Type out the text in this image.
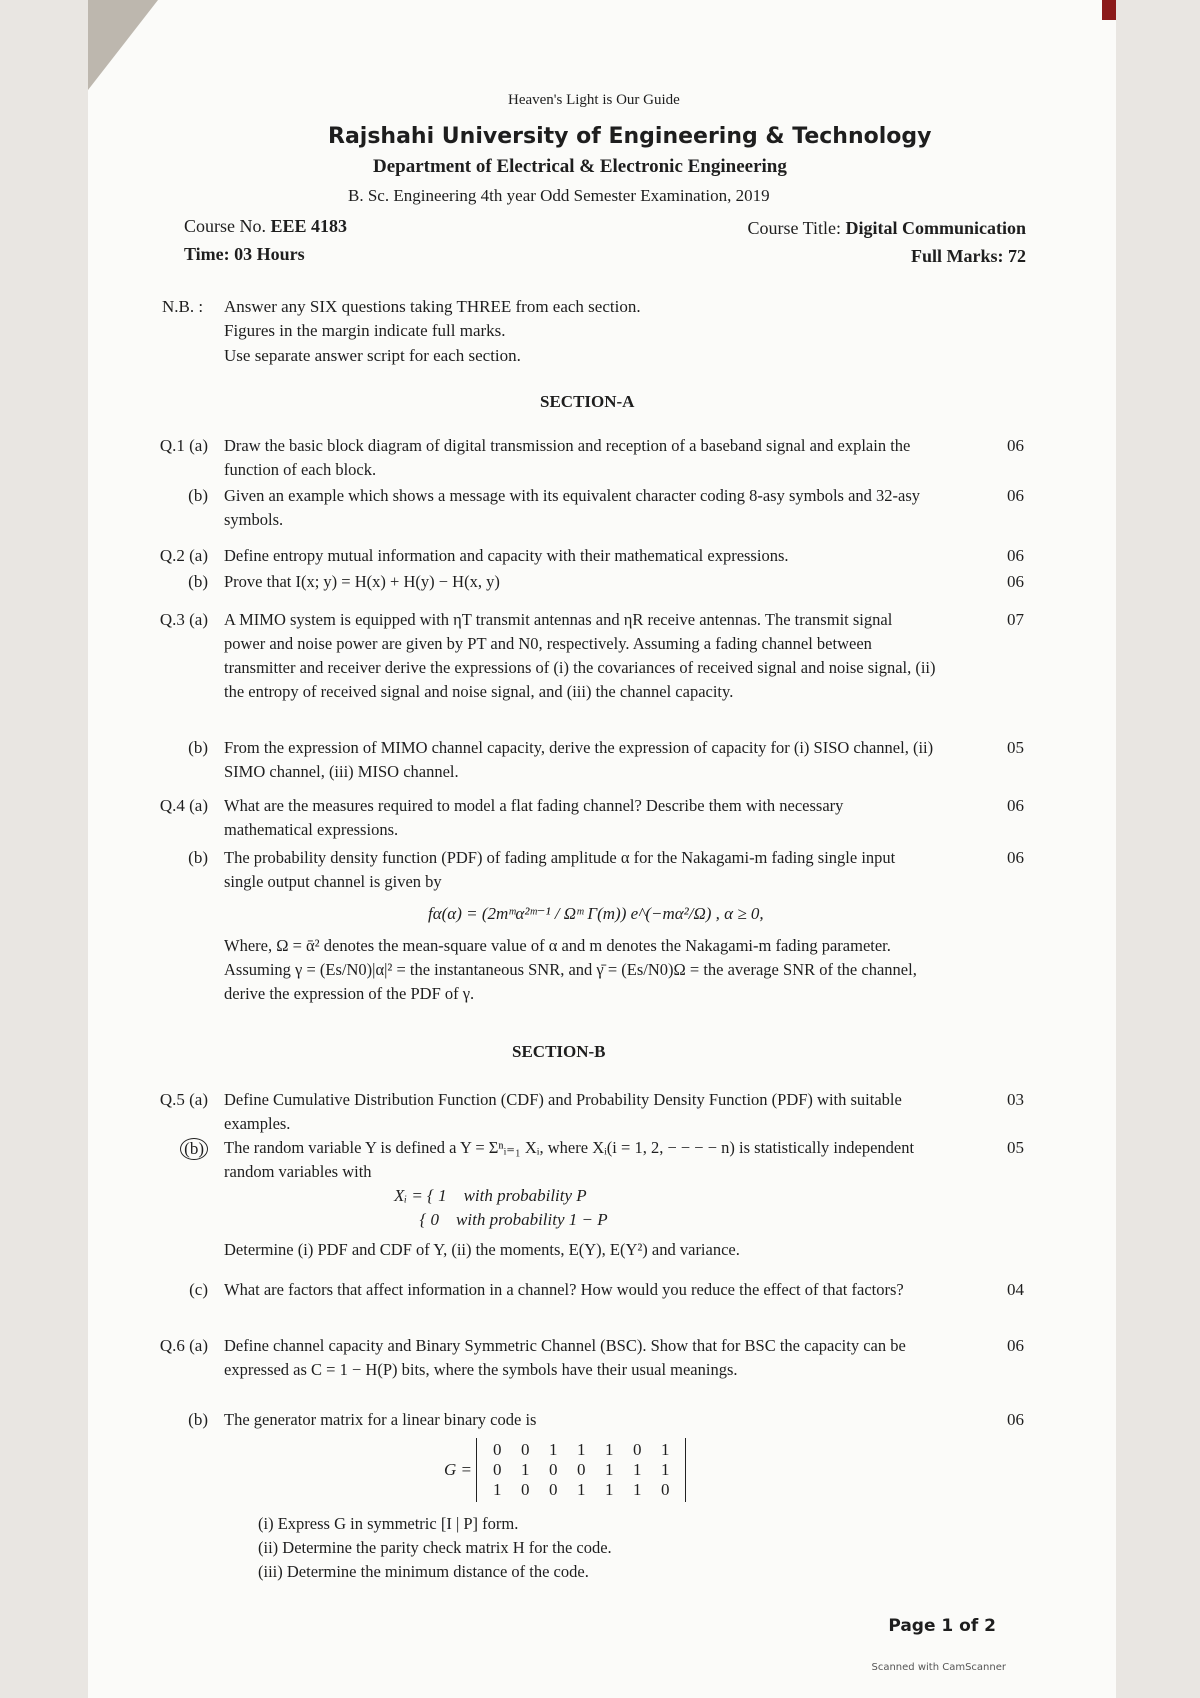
Heaven's Light is Our Guide
Rajshahi University of Engineering & Technology
Department of Electrical & Electronic Engineering
B. Sc. Engineering 4th year Odd Semester Examination, 2019
Course No. EEE 4183	Course Title: Digital Communication
Time: 03 Hours	Full Marks: 72
N.B. : Answer any SIX questions taking THREE from each section.
Figures in the margin indicate full marks.
Use separate answer script for each section.
SECTION-A
Q.1 (a) Draw the basic block diagram of digital transmission and reception of a baseband signal and explain the function of each block.
06
(b) Given an example which shows a message with its equivalent character coding 8-asy symbols and 32-asy symbols.
06
Q.2 (a) Define entropy mutual information and capacity with their mathematical expressions.	06
(b) Prove that I(x; y) = H(x) + H(y) − H(x, y)	06
Q.3 (a) A MIMO system is equipped with ηT transmit antennas and ηR receive antennas. The transmit signal power and noise power are given by PT and N0, respectively. Assuming a fading channel between transmitter and receiver derive the expressions of (i) the covariances of received signal and noise signal, (ii) the entropy of received signal and noise signal, and (iii) the channel capacity.
07
(b) From the expression of MIMO channel capacity, derive the expression of capacity for (i) SISO channel, (ii) SIMO channel, (iii) MISO channel.
05
Q.4 (a) What are the measures required to model a flat fading channel? Describe them with necessary mathematical expressions.
06
(b) The probability density function (PDF) of fading amplitude α for the Nakagami-m fading single input single output channel is given by
06
fα(α) = (2mᵐα²ᵐ⁻¹ / Ωᵐ Γ(m)) e^(−mα²/Ω) , α ≥ 0,
Where, Ω = ᾱ² denotes the mean-square value of α and m denotes the Nakagami-m fading parameter. Assuming γ = (Es/N0)|α|² = the instantaneous SNR, and γ̄ = (Es/N0)Ω = the average SNR of the channel, derive the expression of the PDF of γ.
SECTION-B
Q.5 (a) Define Cumulative Distribution Function (CDF) and Probability Density Function (PDF) with suitable examples.
03
(b) The random variable Y is defined a Y = Σⁿᵢ₌₁ Xᵢ, where Xᵢ(i = 1, 2, − − − − n) is statistically independent random variables with
05
Xᵢ = { 1    with probability P
{ 0    with probability 1 − P
Determine (i) PDF and CDF of Y, (ii) the moments, E(Y), E(Y²) and variance.
(c) What are factors that affect information in a channel? How would you reduce the effect of that factors?	04
Q.6 (a) Define channel capacity and Binary Symmetric Channel (BSC). Show that for BSC the capacity can be expressed as C = 1 − H(P) bits, where the symbols have their usual meanings.
06
(b) The generator matrix for a linear binary code is	06
G =
0 0 1 1 1 0 1
0 1 0 0 1 1 1
1 0 0 1 1 1 0
(i) Express G in symmetric [I | P] form.
(ii) Determine the parity check matrix H for the code.
(iii) Determine the minimum distance of the code.
Page 1 of 2
Scanned with CamScanner
